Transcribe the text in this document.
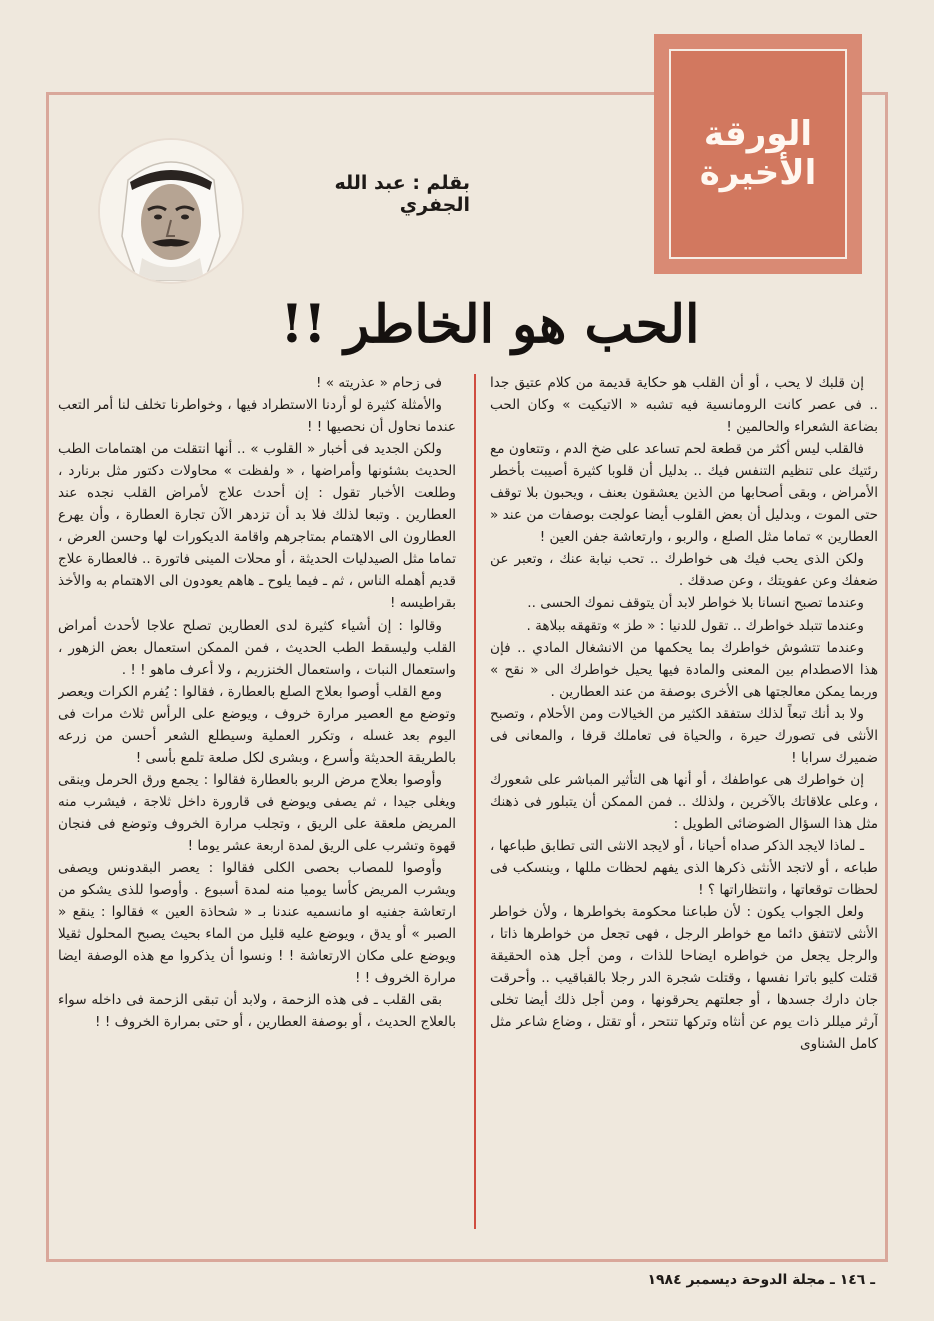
الورقة
الأخيرة
بقلم : عبد الله الجفري
الحب هو الخاطر !!

إن قلبك لا يحب ، أو أن القلب هو حكاية قديمة من كلام عتيق جدا .. فى عصر كانت الرومانسية فيه تشبه « الاتيكيت » وكان الحب بضاعة الشعراء والحالمين !

فالقلب ليس أكثر من قطعة لحم تساعد على ضخ الدم ، وتتعاون مع رئتيك على تنظيم التنفس فيك .. بدليل أن قلوبا كثيرة أصيبت بأخطر الأمراض ، وبقى أصحابها من الذين يعشقون بعنف ، ويحبون بلا توقف حتى الموت ، وبدليل أن بعض القلوب أيضا عولجت بوصفات من عند « العطارين » تماما مثل الصلع ، والربو ، وارتعاشة جفن العين !

ولكن الذى يحب فيك هى خواطرك .. تحب نيابة عنك ، وتعبر عن ضعفك وعن عفويتك ، وعن صدقك .

وعندما تصبح انسانا بلا خواطر لابد أن يتوقف نموك الحسى ..

وعندما تتبلد خواطرك .. تقول للدنيا : « طز » وتقهقه ببلاهة .

وعندما تتشوش خواطرك بما يحكمها من الانشغال المادي .. فإن هذا الاصطدام بين المعنى والمادة فيها يحيل خواطرك الى « نقح » وربما يمكن معالجتها هى الأخرى بوصفة من عند العطارين .

ولا بد أنك تبعاً لذلك ستفقد الكثير من الخيالات ومن الأحلام ، وتصبح الأنثى فى تصورك حيرة ، والحياة فى تعاملك قرفا ، والمعانى فى ضميرك سرابا !

إن خواطرك هى عواطفك ، أو أنها هى التأثير المباشر على شعورك ، وعلى علاقاتك بالآخرين ، ولذلك .. فمن الممكن أن يتبلور فى ذهنك مثل هذا السؤال الضوضائى الطويل :

ـ لماذا لايجد الذكر صداه أحيانا ، أو لايجد الانثى التى تطابق طباعها ، طباعه ، أو لاتجد الأنثى ذكرها الذى يفهم لحظات مللها ، وينسكب فى لحظات توقعاتها ، وانتظاراتها ؟ !

ولعل الجواب يكون : لأن طباعنا محكومة بخواطرها ، ولأن خواطر الأنثى لاتتفق دائما مع خواطر الرجل ، فهى تجعل من خواطرها ذاتا ، والرجل يجعل من خواطره ايضاحا للذات ، ومن أجل هذه الحقيقة قتلت كليو باترا نفسها ، وقتلت شجرة الدر رجلا بالقباقيب .. وأحرقت جان دارك جسدها ، أو جعلتهم يحرقونها ، ومن أجل ذلك أيضا تخلى آرثر ميللر ذات يوم عن أنثاه وتركها تنتحر ، أو تقتل ، وضاع شاعر مثل كامل الشناوى

فى زحام « عذريته » !

والأمثلة كثيرة لو أردنا الاستطراد فيها ، وخواطرنا تخلف لنا أمر التعب عندما نحاول أن نحصيها ! !

ولكن الجديد فى أخبار « القلوب » .. أنها انتقلت من اهتمامات الطب الحديث بشئونها وأمراضها ، « ولفظت » محاولات دكتور مثل برنارد ، وطلعت الأخبار تقول : إن أحدث علاج لأمراض القلب نجده عند العطارين . وتبعا لذلك فلا بد أن تزدهر الآن تجارة العطارة ، وأن يهرع العطارون الى الاهتمام بمتاجرهم واقامة الديكورات لها وحسن العرض ، تماما مثل الصيدليات الحديثة ، أو محلات المينى فاتورة .. فالعطارة علاج قديم أهمله الناس ، ثم ـ فيما يلوح ـ هاهم يعودون الى الاهتمام به والأخذ بقراطيسه !

وقالوا : إن أشياء كثيرة لدى العطارين تصلح علاجا لأحدث أمراض القلب وليسقط الطب الحديث ، فمن الممكن استعمال بعض الزهور ، واستعمال النبات ، واستعمال الخنزريم ، ولا أعرف ماهو ! ! .

ومع القلب أوصوا بعلاج الصلع بالعطارة ، فقالوا : يُفرم الكرات ويعصر وتوضع مع العصير مرارة خروف ، ويوضع على الرأس ثلاث مرات فى اليوم بعد غسله ، وتكرر العملية وسيطلع الشعر أحسن من زرعه بالطريقة الحديثة وأسرع ، وبشرى لكل صلعة تلمع بأسى !

وأوصوا بعلاج مرض الربو بالعطارة فقالوا : يجمع ورق الحرمل وينقى ويغلى جيدا ، ثم يصفى ويوضع فى قارورة داخل ثلاجة ، فيشرب منه المريض ملعقة على الريق ، وتجلب مرارة الخروف وتوضع فى فنجان قهوة وتشرب على الريق لمدة اربعة عشر يوما !

وأوصوا للمصاب بحصى الكلى فقالوا : يعصر البقدونس ويصفى ويشرب المريض كأسا يوميا منه لمدة أسبوع . وأوصوا للذى يشكو من ارتعاشة جفنيه او مانسميه عندنا بـ « شحاذة العين » فقالوا : ينقع « الصبر » أو يدق ، ويوضع عليه قليل من الماء بحيث يصبح المحلول ثقيلا ويوضع على مكان الارتعاشة ! ! ونسوا أن يذكروا مع هذه الوصفة ايضا مرارة الخروف ! !

بقى القلب ـ فى هذه الزحمة ، ولابد أن تبقى الزحمة فى داخله سواء بالعلاج الحديث ، أو بوصفة العطارين ، أو حتى بمرارة الخروف ! !

ـ ١٤٦ ـ مجلة الدوحة ديسمبر ١٩٨٤
